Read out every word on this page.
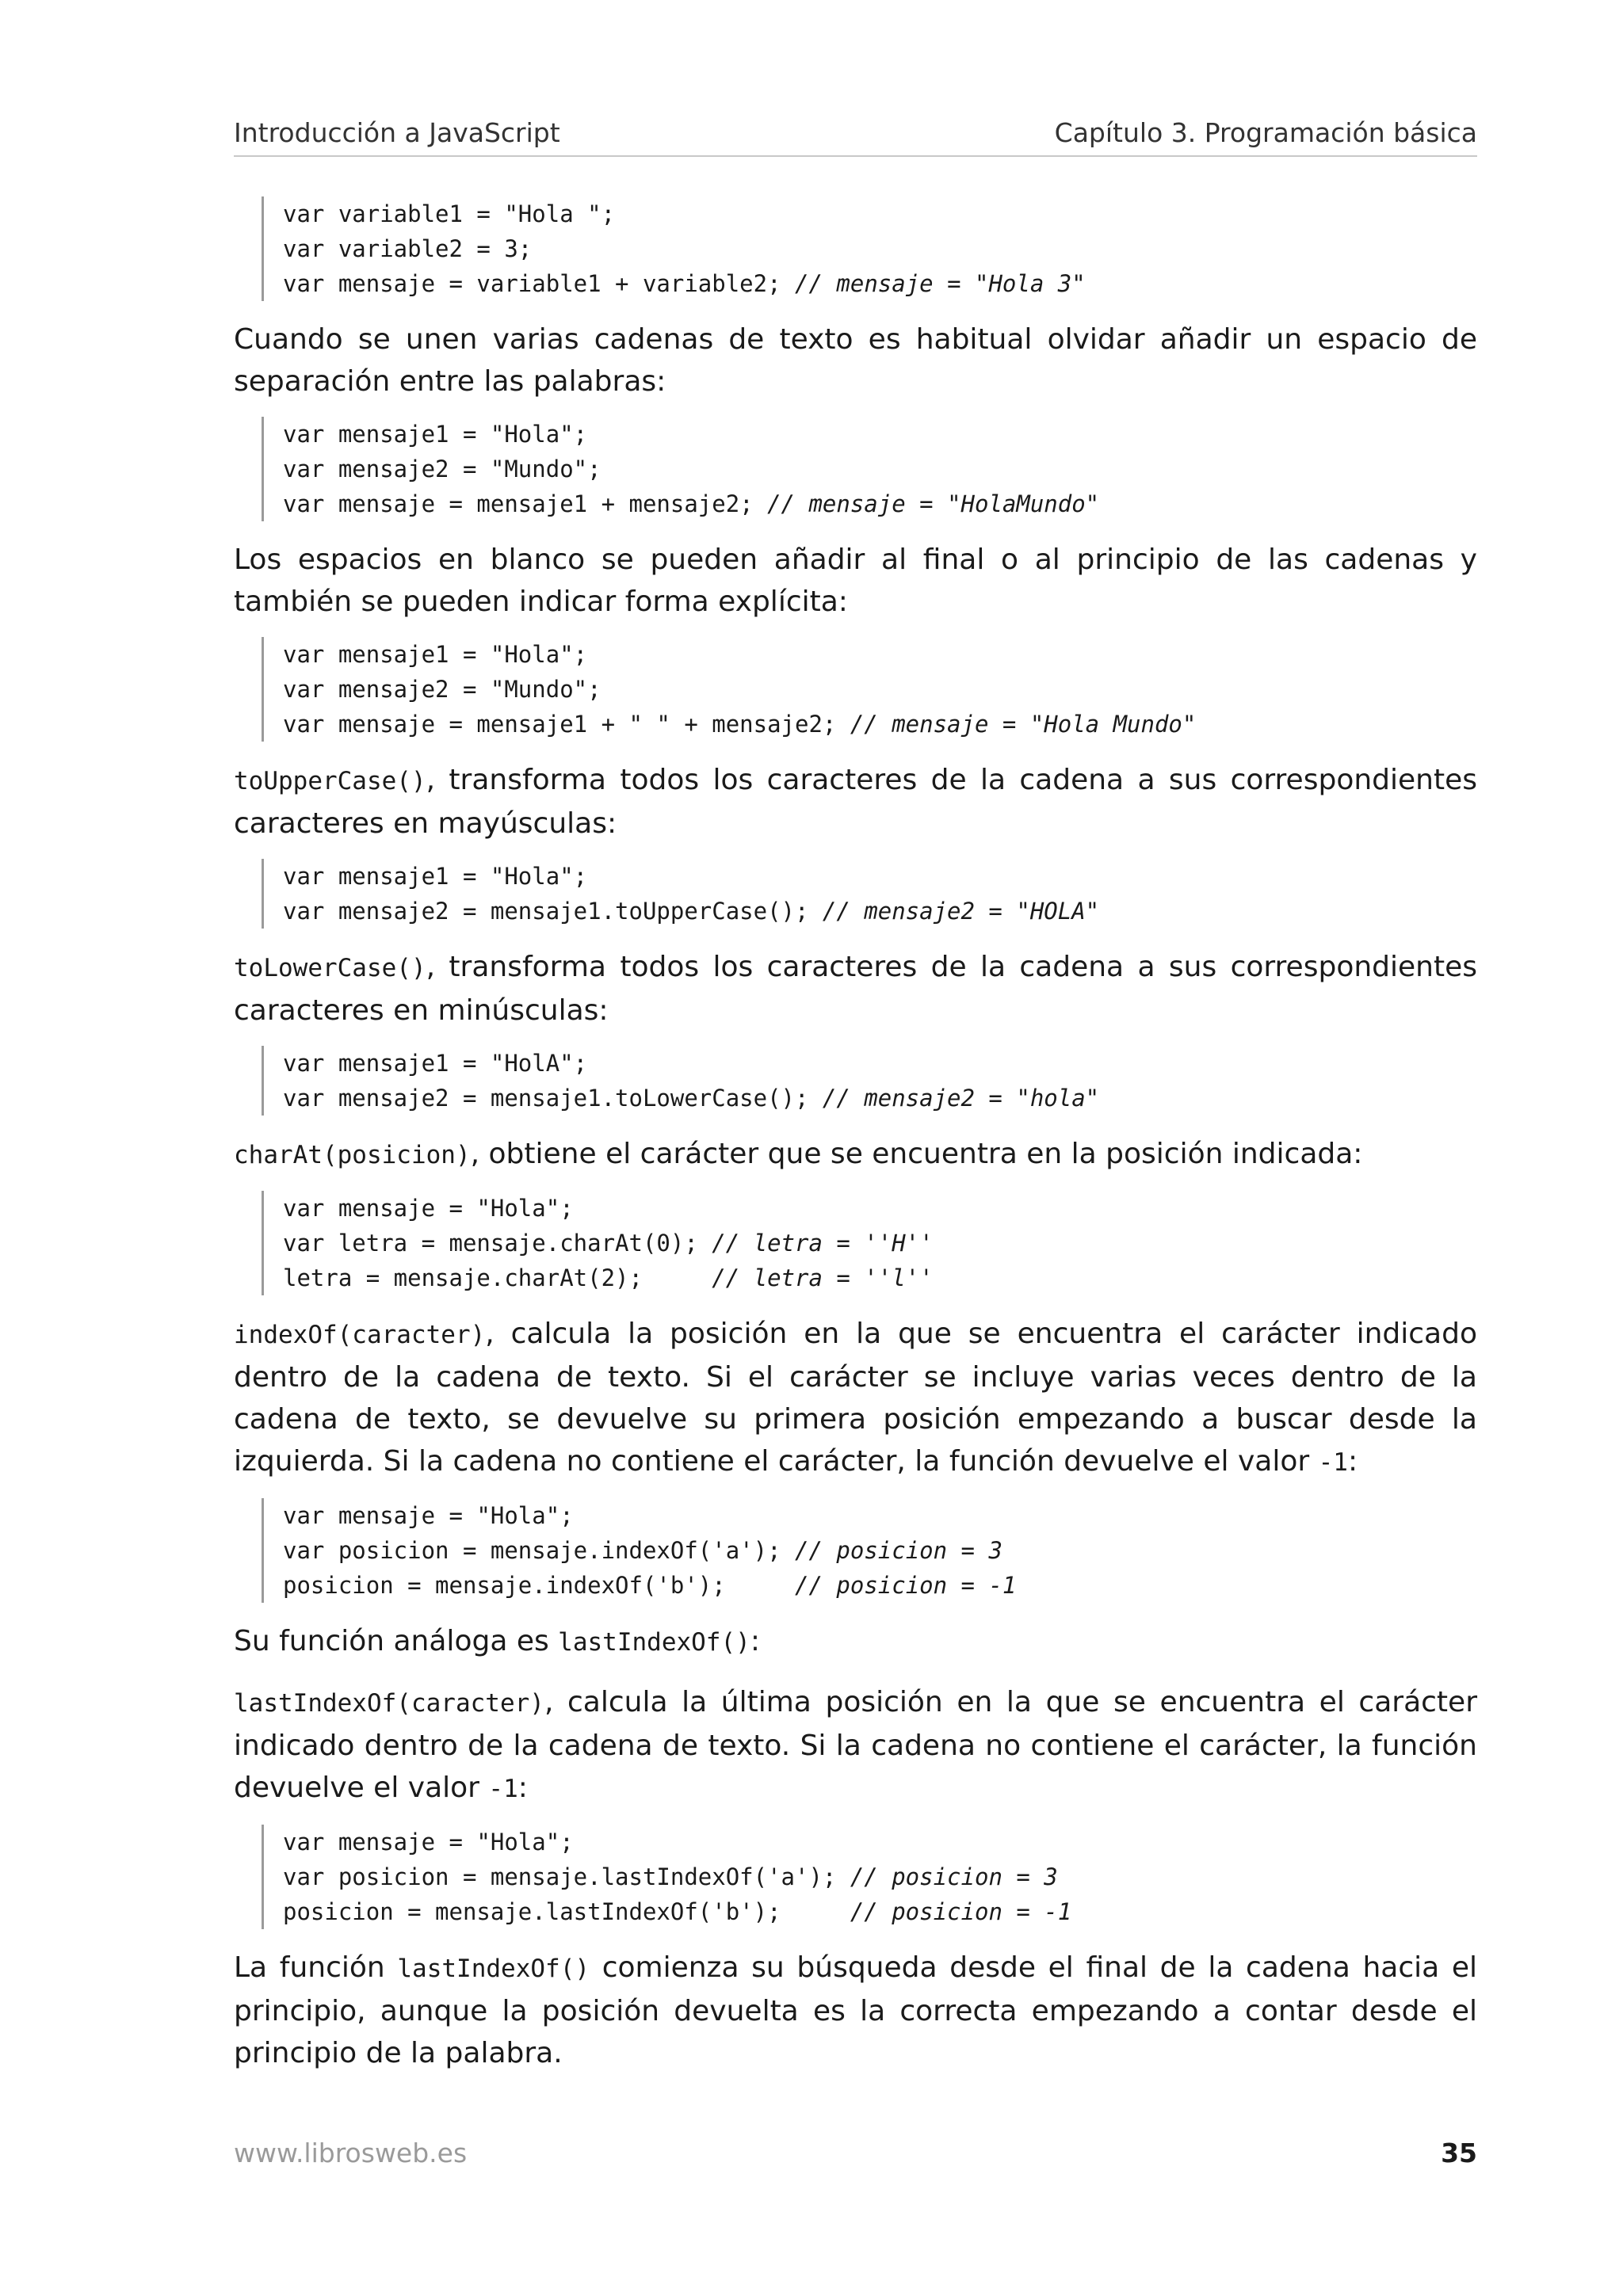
Introducción a JavaScript	Capítulo 3. Programación básica
var variable1 = "Hola ";
var variable2 = 3;
var mensaje = variable1 + variable2; // mensaje = "Hola 3"

Cuando se unen varias cadenas de texto es habitual olvidar añadir un espacio de separación entre las palabras:

var mensaje1 = "Hola";
var mensaje2 = "Mundo";
var mensaje = mensaje1 + mensaje2; // mensaje = "HolaMundo"

Los espacios en blanco se pueden añadir al final o al principio de las cadenas y también se pueden indicar forma explícita:

var mensaje1 = "Hola";
var mensaje2 = "Mundo";
var mensaje = mensaje1 + " " + mensaje2; // mensaje = "Hola Mundo"

toUpperCase(), transforma todos los caracteres de la cadena a sus correspondientes caracteres en mayúsculas:

var mensaje1 = "Hola";
var mensaje2 = mensaje1.toUpperCase(); // mensaje2 = "HOLA"

toLowerCase(), transforma todos los caracteres de la cadena a sus correspondientes caracteres en minúsculas:

var mensaje1 = "HolA";
var mensaje2 = mensaje1.toLowerCase(); // mensaje2 = "hola"

charAt(posicion), obtiene el carácter que se encuentra en la posición indicada:

var mensaje = "Hola";
var letra = mensaje.charAt(0); // letra = ''H''
letra = mensaje.charAt(2);     // letra = ''l''

indexOf(caracter), calcula la posición en la que se encuentra el carácter indicado dentro de la cadena de texto. Si el carácter se incluye varias veces dentro de la cadena de texto, se devuelve su primera posición empezando a buscar desde la izquierda. Si la cadena no contiene el carácter, la función devuelve el valor -1:

var mensaje = "Hola";
var posicion = mensaje.indexOf('a'); // posicion = 3
posicion = mensaje.indexOf('b');     // posicion = -1

Su función análoga es lastIndexOf():

lastIndexOf(caracter), calcula la última posición en la que se encuentra el carácter indicado dentro de la cadena de texto. Si la cadena no contiene el carácter, la función devuelve el valor -1:

var mensaje = "Hola";
var posicion = mensaje.lastIndexOf('a'); // posicion = 3
posicion = mensaje.lastIndexOf('b');     // posicion = -1

La función lastIndexOf() comienza su búsqueda desde el final de la cadena hacia el principio, aunque la posición devuelta es la correcta empezando a contar desde el principio de la palabra.

www.librosweb.es	35
